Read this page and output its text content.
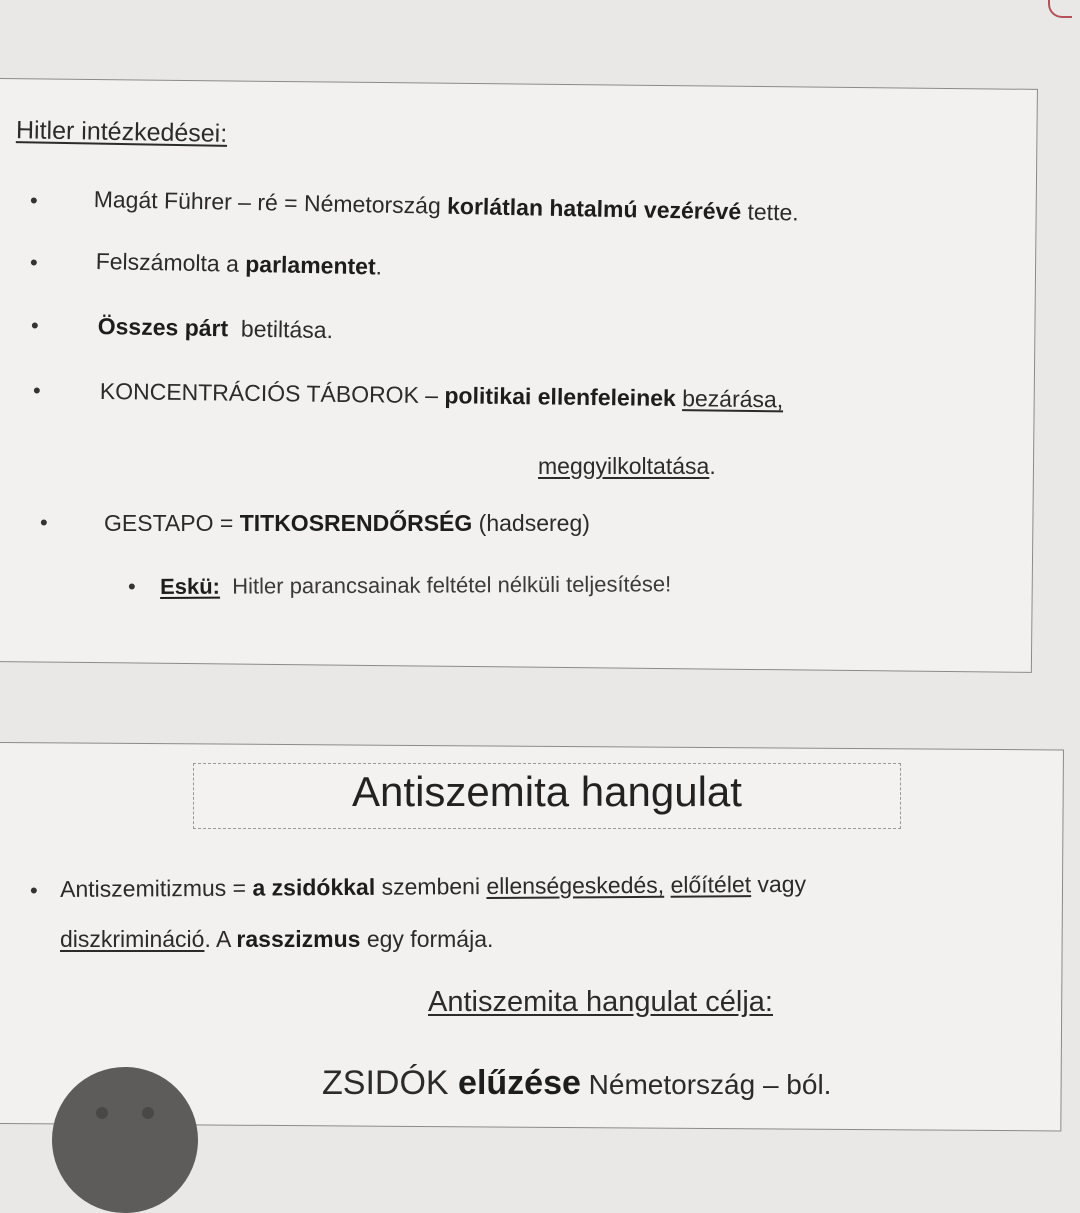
Hitler intézkedései:
• Magát Führer – ré = Németország korlátlan hatalmú vezérévé tette.
•	Felszámolta a parlamentet.
•	Összes párt  betiltása.
•	KONCENTRÁCIÓS TÁBOROK – politikai ellenfeleinek bezárása,
meggyilkoltatása.
• GESTAPO = TITKOSRENDŐRSÉG (hadsereg)
• Eskü:  Hitler parancsainak feltétel nélküli teljesítése!
Antiszemita hangulat
• Antiszemitizmus = a zsidókkal szembeni ellenségeskedés, előítélet vagy
diszkrimináció. A rasszizmus egy formája.
Antiszemita hangulat célja:
ZSIDÓK elűzése Németország – ból.
